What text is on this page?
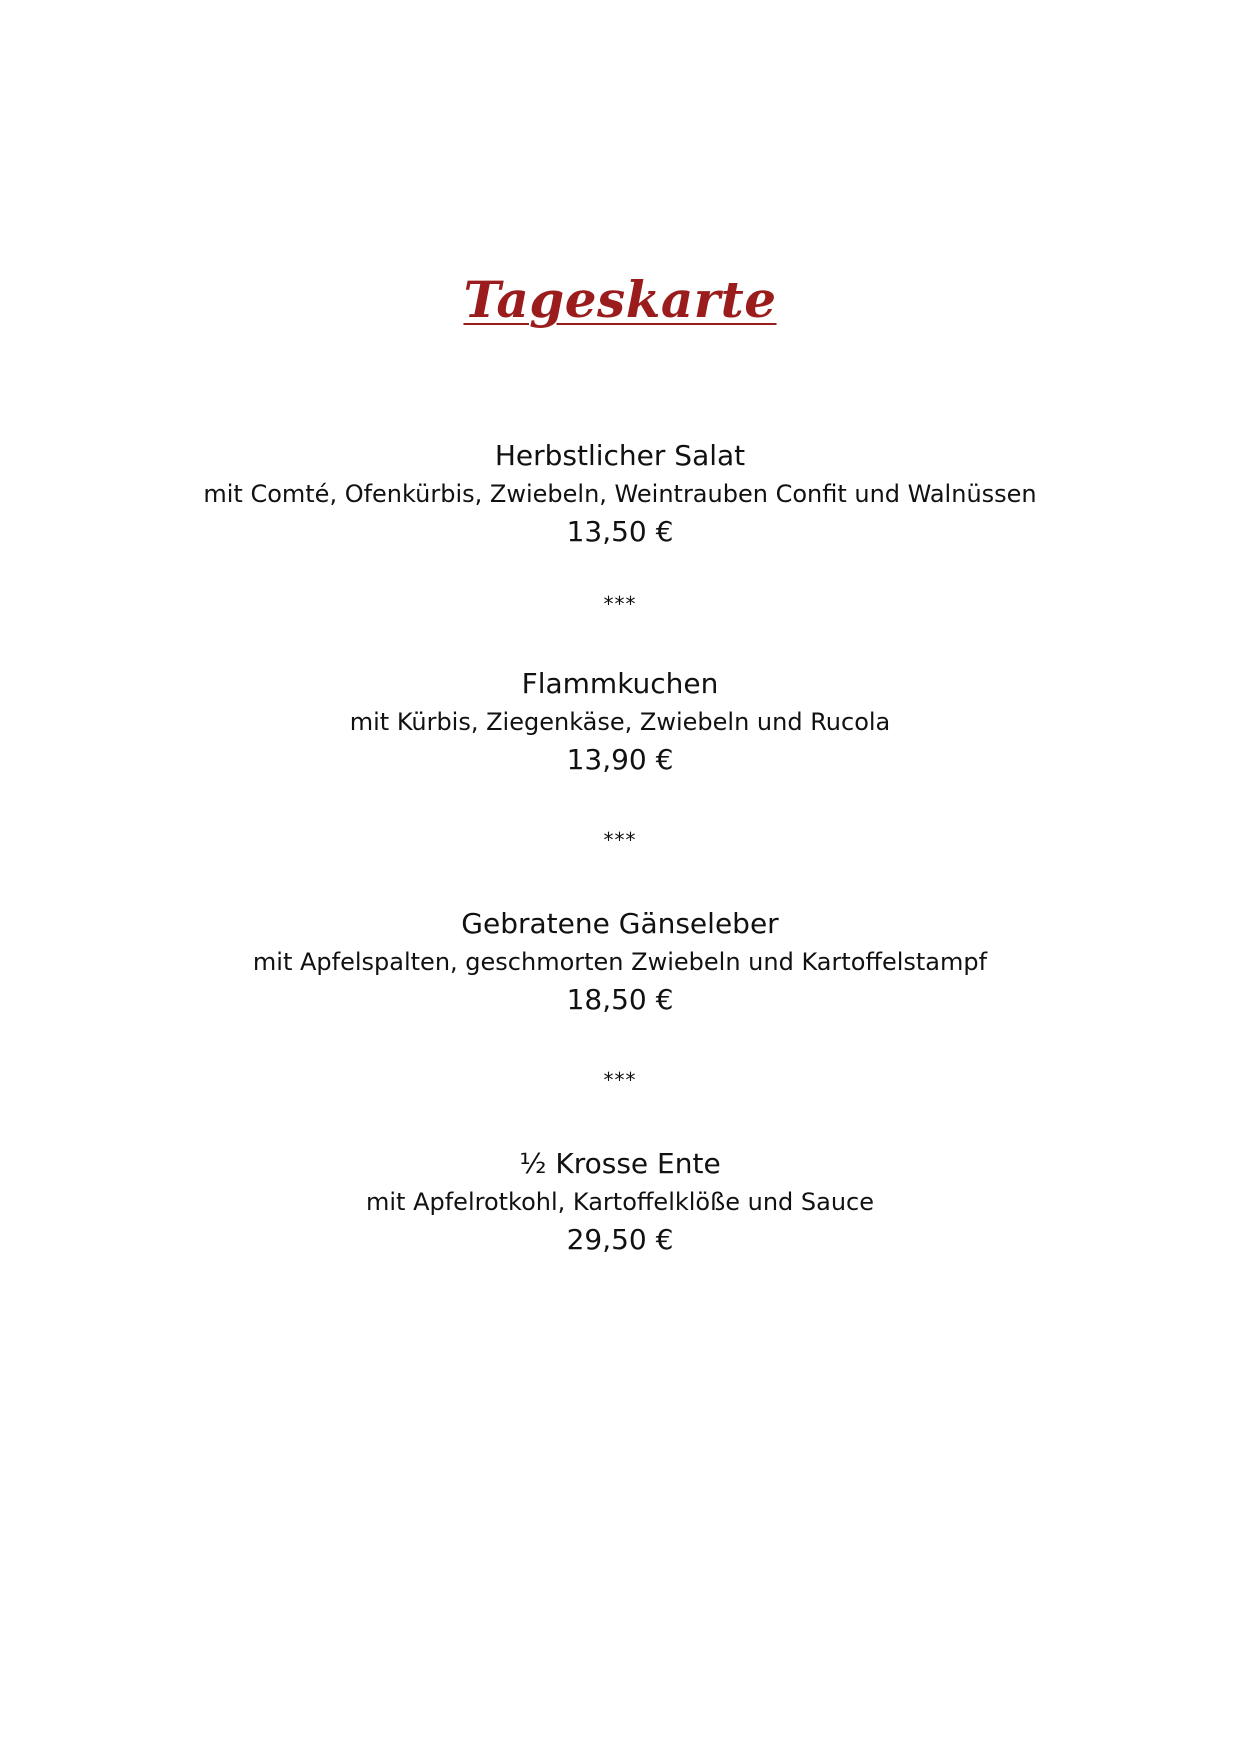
Tageskarte
Herbstlicher Salat
mit Comté, Ofenkürbis, Zwiebeln, Weintrauben Confit und Walnüssen
13,50 €
***
Flammkuchen
mit Kürbis, Ziegenkäse, Zwiebeln und Rucola
13,90 €
***
Gebratene Gänseleber
mit Apfelspalten, geschmorten Zwiebeln und Kartoffelstampf
18,50 €
***
½ Krosse Ente
mit Apfelrotkohl, Kartoffelklöße und Sauce
29,50 €
